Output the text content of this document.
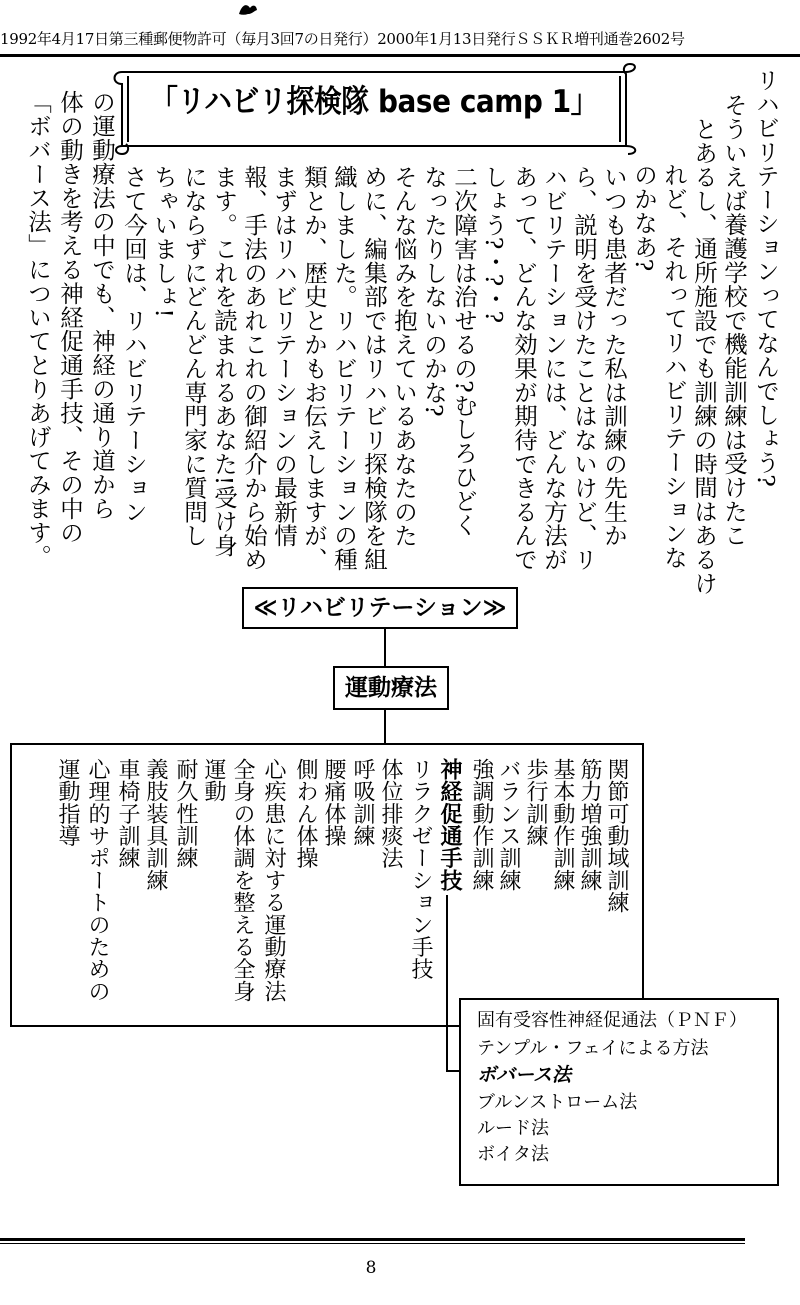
1992年4月17日第三種郵便物許可（毎月3回7の日発行）2000年1月13日発行ＳＳＫＲ増刊通巻2602号
「リハビリ探検隊 base camp 1」	リハビリテーションってなんでしょう?
そういえば養護学校で機能訓練は受けたこ
とあるし、通所施設でも訓練の時間はあるけ
れど、それってリハビリテーションな
のかなあ?
いつも患者だった私は訓練の先生か
ら、説明を受けたことはないけど、リ
ハビリテーションには、どんな方法が
あって、どんな効果が期待できるんで
しょう?・?・?
二次障害は治せるの?むしろひどく
なったりしないのかな?
そんな悩みを抱えているあなたのた
めに、編集部ではリハビリ探検隊を組
織しました。リハビリテーションの種
類とか、歴史とかもお伝えしますが、
まずはリハビリテーションの最新情
報、手法のあれこれの御紹介から始め
ます。これを読まれるあなた!受け身
にならずにどんどん専門家に質問し
ちゃいましょ!
さて今回は、リハビリテーション
の運動療法の中でも、神経の通り道から
体の動きを考える神経促通手技、その中の
「ボバース法」についてとりあげてみます。
≪リハビリテーション≫
運動療法
関節可動域訓練
筋力増強訓練
基本動作訓練
歩行訓練
バランス訓練
強調動作訓練
神経促通手技
リラクゼーション手技
体位排痰法
呼吸訓練
腰痛体操
側わん体操
心疾患に対する運動療法
全身の体調を整える全身
運動
耐久性訓練
義肢装具訓練
車椅子訓練
心理的サポートのための
運動指導
固有受容性神経促通法（ＰＮＦ）
テンプル・フェイによる方法
ボバース法
ブルンストローム法
ルード法
ボイタ法
8
